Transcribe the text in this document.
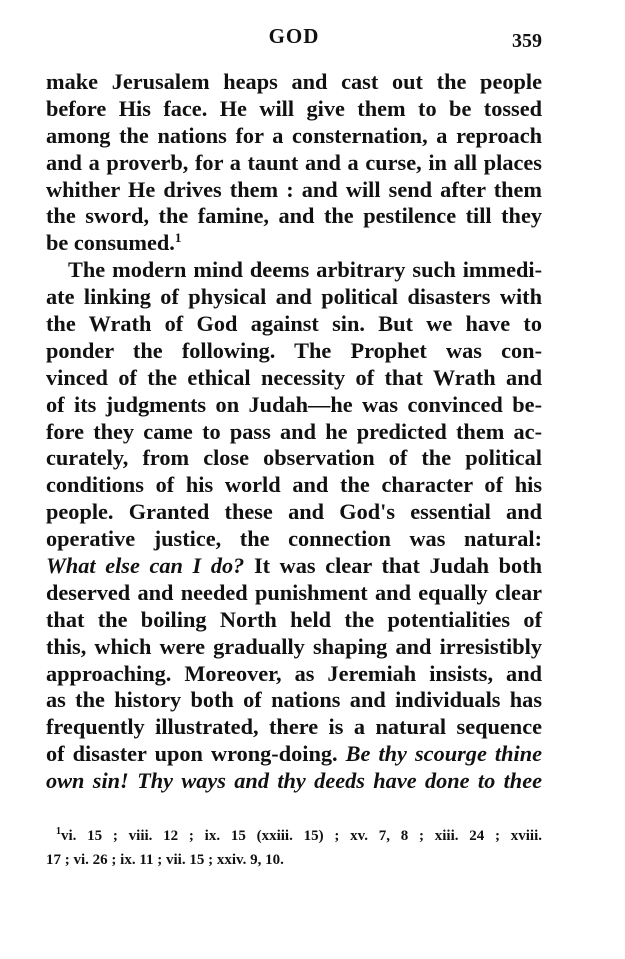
GOD	359
make Jerusalem heaps and cast out the people
before His face. He will give them to be tossed
among the nations for a consternation, a reproach
and a proverb, for a taunt and a curse, in all places
whither He drives them : and will send after them
the sword, the famine, and the pestilence till they
be consumed.$^1$
The modern mind deems arbitrary such immedi-
ate linking of physical and political disasters with
the Wrath of God against sin. But we have to
ponder the following. The Prophet was con-
vinced of the ethical necessity of that Wrath and
of its judgments on Judah—he was convinced be-
fore they came to pass and he predicted them ac-
curately, from close observation of the political
conditions of his world and the character of his
people. Granted these and God's essential and
operative justice, the connection was natural:
What else can I do? It was clear that Judah both
deserved and needed punishment and equally clear
that the boiling North held the potentialities of
this, which were gradually shaping and irresistibly
approaching. Moreover, as Jeremiah insists, and
as the history both of nations and individuals has
frequently illustrated, there is a natural sequence
of disaster upon wrong-doing. Be thy scourge thine
own sin! Thy ways and thy deeds have done to thee
$^1$vi. 15 ; viii. 12 ; ix. 15 (xxiii. 15) ; xv. 7, 8 ; xiii. 24 ; xviii.
17 ; vi. 26 ; ix. 11 ; vii. 15 ; xxiv. 9, 10.
